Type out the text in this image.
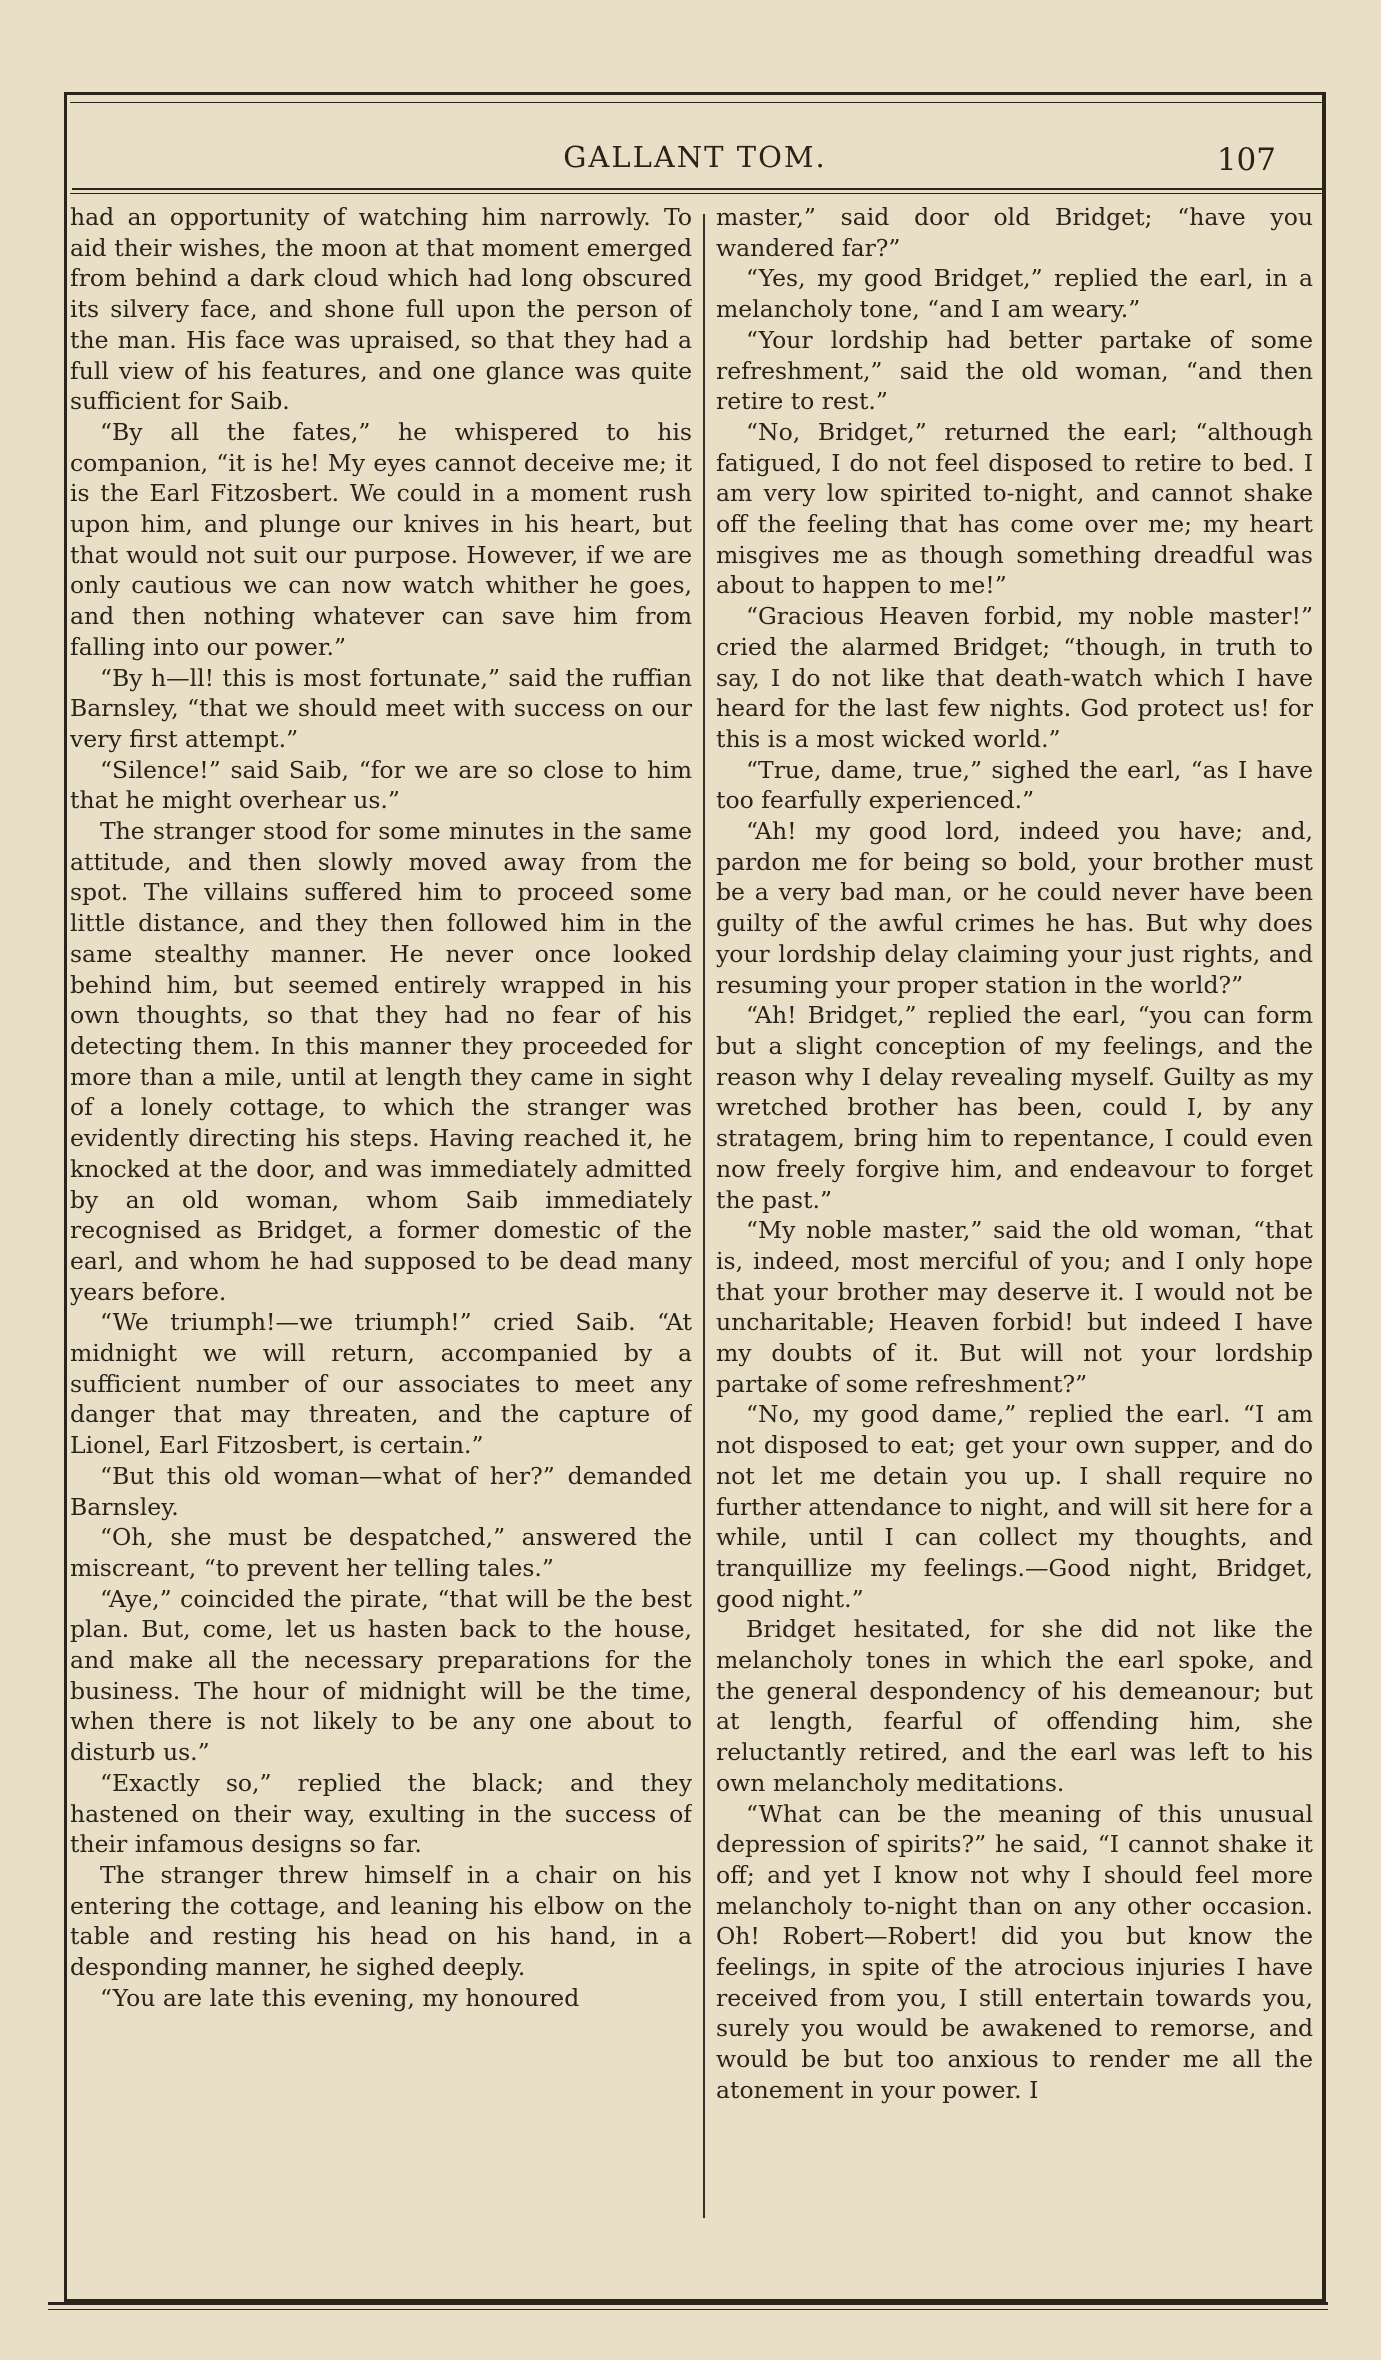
GALLANT TOM.	107

had an opportunity of watching him narrowly. To aid their wishes, the moon at that moment emerged from behind a dark cloud which had long obscured its silvery face, and shone full upon the person of the man. His face was upraised, so that they had a full view of his features, and one glance was quite sufficient for Saib.

“By all the fates,” he whispered to his companion, “it is he! My eyes cannot deceive me; it is the Earl Fitzosbert. We could in a moment rush upon him, and plunge our knives in his heart, but that would not suit our purpose. However, if we are only cautious we can now watch whither he goes, and then nothing whatever can save him from falling into our power.”

“By h—ll! this is most fortunate,” said the ruffian Barnsley, “that we should meet with success on our very first attempt.”

“Silence!” said Saib, “for we are so close to him that he might overhear us.”

The stranger stood for some minutes in the same attitude, and then slowly moved away from the spot. The villains suffered him to proceed some little distance, and they then followed him in the same stealthy manner. He never once looked behind him, but seemed entirely wrapped in his own thoughts, so that they had no fear of his detecting them. In this manner they proceeded for more than a mile, until at length they came in sight of a lonely cottage, to which the stranger was evidently directing his steps. Having reached it, he knocked at the door, and was immediately admitted by an old woman, whom Saib immediately recognised as Bridget, a former domestic of the earl, and whom he had supposed to be dead many years before.

“We triumph!—we triumph!” cried Saib. “At midnight we will return, accompanied by a sufficient number of our associates to meet any danger that may threaten, and the capture of Lionel, Earl Fitzosbert, is certain.”

“But this old woman—what of her?” demanded Barnsley.

“Oh, she must be despatched,” answered the miscreant, “to prevent her telling tales.”

“Aye,” coincided the pirate, “that will be the best plan. But, come, let us hasten back to the house, and make all the necessary preparations for the business. The hour of midnight will be the time, when there is not likely to be any one about to disturb us.”

“Exactly so,” replied the black; and they hastened on their way, exulting in the success of their infamous designs so far.

The stranger threw himself in a chair on his entering the cottage, and leaning his elbow on the table and resting his head on his hand, in a desponding manner, he sighed deeply.

“You are late this evening, my honoured

master,” said door old Bridget; “have you wandered far?”

“Yes, my good Bridget,” replied the earl, in a melancholy tone, “and I am weary.”

“Your lordship had better partake of some refreshment,” said the old woman, “and then retire to rest.”

“No, Bridget,” returned the earl; “although fatigued, I do not feel disposed to retire to bed. I am very low spirited to-night, and cannot shake off the feeling that has come over me; my heart misgives me as though something dreadful was about to happen to me!”

“Gracious Heaven forbid, my noble master!” cried the alarmed Bridget; “though, in truth to say, I do not like that death-watch which I have heard for the last few nights. God protect us! for this is a most wicked world.”

“True, dame, true,” sighed the earl, “as I have too fearfully experienced.”

“Ah! my good lord, indeed you have; and, pardon me for being so bold, your brother must be a very bad man, or he could never have been guilty of the awful crimes he has. But why does your lordship delay claiming your just rights, and resuming your proper station in the world?”

“Ah! Bridget,” replied the earl, “you can form but a slight conception of my feelings, and the reason why I delay revealing myself. Guilty as my wretched brother has been, could I, by any stratagem, bring him to repentance, I could even now freely forgive him, and endeavour to forget the past.”

“My noble master,” said the old woman, “that is, indeed, most merciful of you; and I only hope that your brother may deserve it. I would not be uncharitable; Heaven forbid! but indeed I have my doubts of it. But will not your lordship partake of some refreshment?”

“No, my good dame,” replied the earl. “I am not disposed to eat; get your own supper, and do not let me detain you up. I shall require no further attendance to night, and will sit here for a while, until I can collect my thoughts, and tranquillize my feelings.—Good night, Bridget, good night.”

Bridget hesitated, for she did not like the melancholy tones in which the earl spoke, and the general despondency of his demeanour; but at length, fearful of offending him, she reluctantly retired, and the earl was left to his own melancholy meditations.

“What can be the meaning of this unusual depression of spirits?” he said, “I cannot shake it off; and yet I know not why I should feel more melancholy to-night than on any other occasion. Oh! Robert—Robert! did you but know the feelings, in spite of the atrocious injuries I have received from you, I still entertain towards you, surely you would be awakened to remorse, and would be but too anxious to render me all the atonement in your power. I
